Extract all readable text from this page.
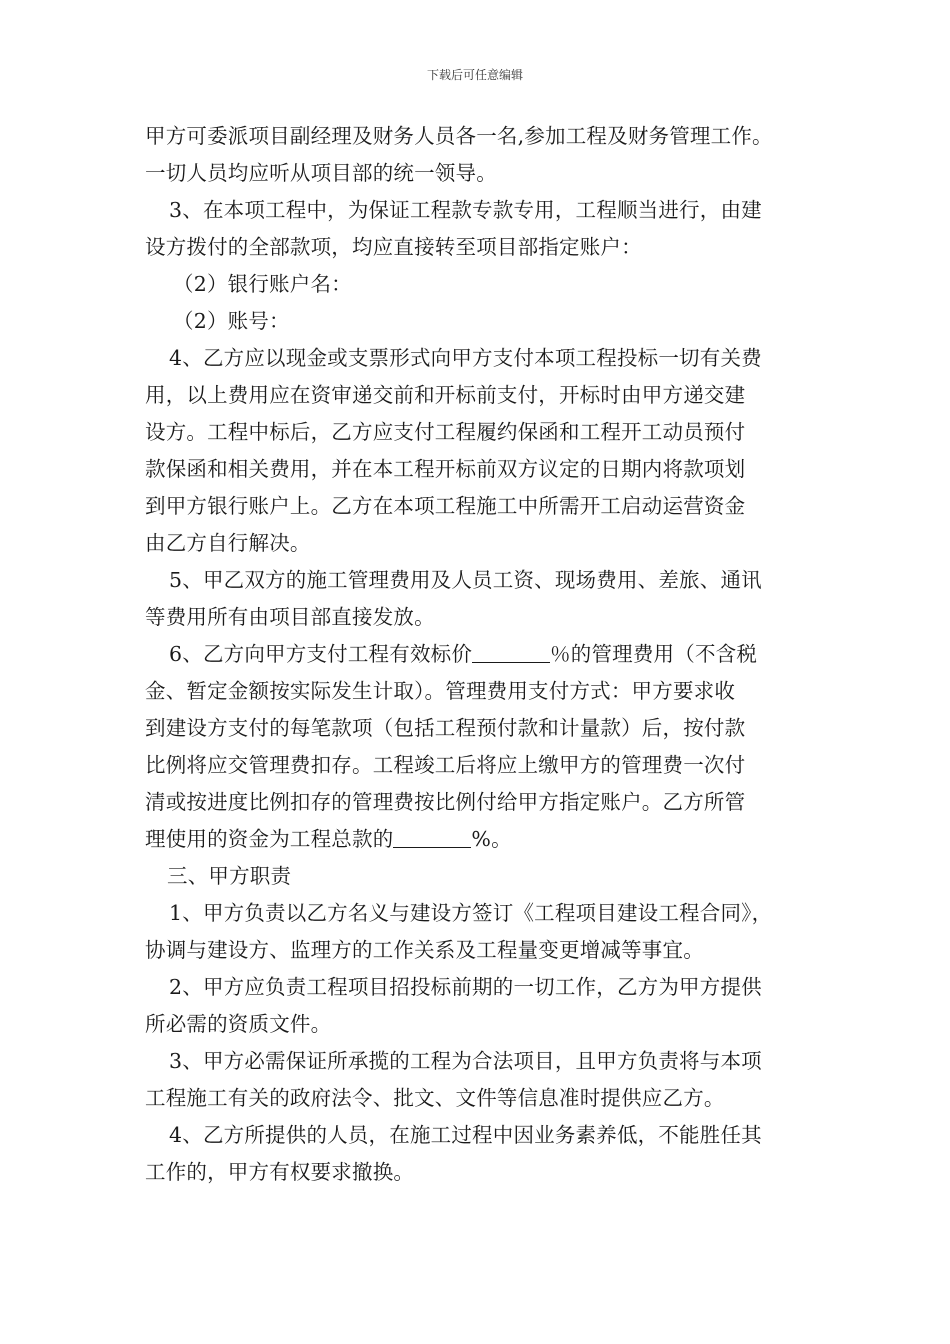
下载后可任意编辑
甲方可委派项目副经理及财务人员各一名,参加工程及财务管理工作。
一切人员均应听从项目部的统一领导。
3、在本项工程中，为保证工程款专款专用，工程顺当进行，由建
设方拨付的全部款项，均应直接转至项目部指定账户：
（2）银行账户名：
（2）账号：
4、乙方应以现金或支票形式向甲方支付本项工程投标一切有关费
用，以上费用应在资审递交前和开标前支付，开标时由甲方递交建
设方。工程中标后，乙方应支付工程履约保函和工程开工动员预付
款保函和相关费用，并在本工程开标前双方议定的日期内将款项划
到甲方银行账户上。乙方在本项工程施工中所需开工启动运营资金
由乙方自行解决。
5、甲乙双方的施工管理费用及人员工资、现场费用、差旅、通讯
等费用所有由项目部直接发放。
6、乙方向甲方支付工程有效标价	％的管理费用（不含税
金、暂定金额按实际发生计取）。管理费用支付方式：甲方要求收
到建设方支付的每笔款项（包括工程预付款和计量款）后，按付款
比例将应交管理费扣存。工程竣工后将应上缴甲方的管理费一次付
清或按进度比例扣存的管理费按比例付给甲方指定账户。乙方所管
理使用的资金为工程总款的	%。
三、甲方职责
1、甲方负责以乙方名义与建设方签订《工程项目建设工程合同》，
协调与建设方、监理方的工作关系及工程量变更增减等事宜。
2、甲方应负责工程项目招投标前期的一切工作，乙方为甲方提供
所必需的资质文件。
3、甲方必需保证所承揽的工程为合法项目，且甲方负责将与本项
工程施工有关的政府法令、批文、文件等信息准时提供应乙方。
4、乙方所提供的人员，在施工过程中因业务素养低，不能胜任其
工作的，甲方有权要求撤换。
